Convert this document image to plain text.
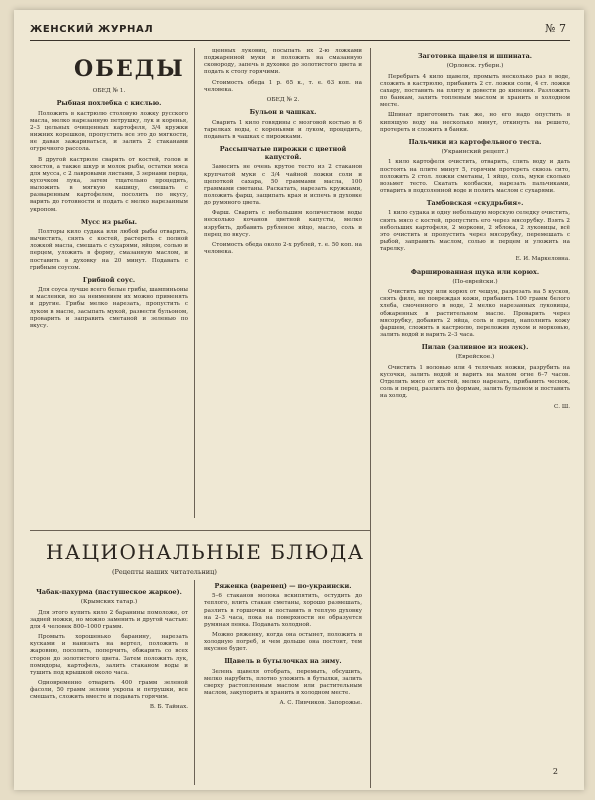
ЖЕНСКИЙ ЖУРНАЛ	№ 7
ОБЕДЫ
ОБЕД № 1.
Рыбная похлебка с кислью.

Положить в кастрюлю столовую ложку русского масла, мелко нарезанную петрушку, лук и коренья, 2–3 цельных очищенных картофеля, 3/4 кружки нижних корешков, пропустить все это до мягкости, не давая зажариваться, и залить 2 стаканами огуречного рассола.

В другой кастрюле сварить от костей, голов и хвостов, а также шкур и молок рыбы, остатки мяса для мусса, с 2 лавровыми листами, 3 зернами перца, кусочком лука, затем тщательно процедить, выложить в мягкую кашицу, смешать с разваренным картофелем, посолить по вкусу, варить до готовности и подать с мелко нарезанным укропом.

Мусс из рыбы.

Полторы кило судака или любой рыбы отварить, вычистить, снять с костей, растереть с полной ложкой масла, смешать с сухарями, яйцом, солью и перцем, уложить в форму, смазанную маслом, и поставить в духовку на 20 минут. Подавать с грибным соусом.

Грибной соус.

Для соуса лучше всего белые грибы, шампиньоны и масленки, но за неимением их можно применять и другие. Грибы мелко нарезать, пропустить с луком в масле, засыпать мукой, развести бульоном, проварить и заправить сметаной и зеленью по вкусу.

щенных луковиц, посыпать их 2-ю ложками поджаренной муки и положить на смазанную сковороду, запечь в духовке до золотистого цвета и подать к столу горячими.

Стоимость обеда 1 р. 65 к., т. е. 63 коп. на человека.

ОБЕД № 2.
Бульон в чашках.

Сварить 1 кило говядины с мозговой костью в 6 тарелках воды, с кореньями и луком, процедить, подавать в чашках с пирожками.

Рассыпчатые пирожки с цветной капустой.

Замесить не очень крутое тесто из 2 стаканов крупчатой муки с 3/4 чайной ложки соли и щепоткой сахара, 50 граммами масла, 100 граммами сметаны. Раскатать, нарезать кружками, положить фарш, защипать края и испечь в духовке до румяного цвета.

Фарш. Сварить с небольшим количеством воды несколько кочанов цветной капусты, мелко изрубить, добавить рубленое яйцо, масло, соль и перец по вкусу.

Стоимость обеда около 2-х рублей, т. е. 50 коп. на человека.

Заготовка щавеля и шпината.
(Орловск. губерн.)

Перебрать 4 кило щавеля, промыть несколько раз в воде, сложить в кастрюлю, прибавить 2 ст. ложки соли, 4 ст. ложки сахару, поставить на плиту и довести до кипения. Разложить по банкам, залить топленым маслом и хранить в холодном месте.

Шпинат приготовить так же, но его надо опустить в кипящую воду на несколько минут, откинуть на решето, протереть и сложить в банки.

Пальчики из картофельного теста.
(Украинский рецепт.)

1 кило картофеля очистить, отварить, слить воду и дать постоять на плите минут 5, горячим протереть сквозь сито, положить 2 стол. ложки сметаны, 1 яйцо, соль, муки сколько возьмет тесто. Скатать колбаски, нарезать пальчиками, отварить в подсоленной воде и полить маслом с сухарями.

Тамбовская «скудрьбия».

1 кило судака и одну небольшую морскую селедку очистить, снять мясо с костей, пропустить его через мясорубку. Взять 2 небольших картофеля, 2 моркови, 2 яблока, 2 луковицы, всё это очистить и пропустить через мясорубку, перемешать с рыбой, заправить маслом, солью и перцем и уложить на тарелку.

Е. И. Маркеловна.
Фаршированная щука или корюх.
(По-еврейски.)

Очистить щуку или корюх от чешуи, разрезать на 5 кусков, снять филе, не повреждая кожи, прибавить 100 грамм белого хлеба, смоченного в воде, 2 мелко нарезанных луковицы, обжаренных в растительном масле. Проварить через мясорубку, добавить 2 яйца, соль и перец, наполнить кожу фаршем, сложить в кастрюлю, переложив луком и морковью, залить водой и варить 2–3 часа.

Пилав (заливное из ножек).
(Еврейское.)

Очистить 1 воловью или 4 телячьих ножки, разрубить на кусочки, залить водой и варить на малом огне 6–7 часов. Отделить мясо от костей, мелко нарезать, прибавить чеснок, соль и перец, разлить по формам, залить бульоном и поставить на холод.

С. Ш.
НАЦИОНАЛЬНЫЕ БЛЮДА
(Рецепты наших читательниц)
Чабак-пахурма (пастушеское жаркое).
(Крымских татар.)

Для этого купить кило 2 баранины помоложе, от задней ножки, но можно заменить и другой частью: для 4 человек 800–1000 грамм.

Промыть хорошенько баранину, нарезать кусками и нанизать на вертел, положить в жаровню, посолить, поперчить, обжарить со всех сторон до золотистого цвета. Затем положить лук, помидоры, картофель, залить стаканом воды и тушить под крышкой около часа.

Одновременно отварить 400 грамм зеленой фасоли, 50 грамм зелени укропа и петрушки, все смешать, сложить вместе и подавать горячим.

В. Б. Тайнах.
Ряженка (варенец) — по-украински.

5–6 стаканов молока вскипятить, остудить до теплого, влить стакан сметаны, хорошо размешать, разлить в горшочки и поставить в теплую духовку на 2–3 часа, пока на поверхности не образуется румяная пенка. Подавать холодной.

Можно ряженку, когда она остынет, положить в холодную погреб, и чем дольше она постоит, тем вкуснее будет.

Щавель в бутылочках на зиму.

Зелень щавеля отобрать, перемыть, обсушить, мелко нарубить, плотно уложить в бутылки, залить сверху растопленным маслом или растительным маслом, закупорить и хранить в холодном месте.

А. С. Пивчиков. Запорожье.
2
